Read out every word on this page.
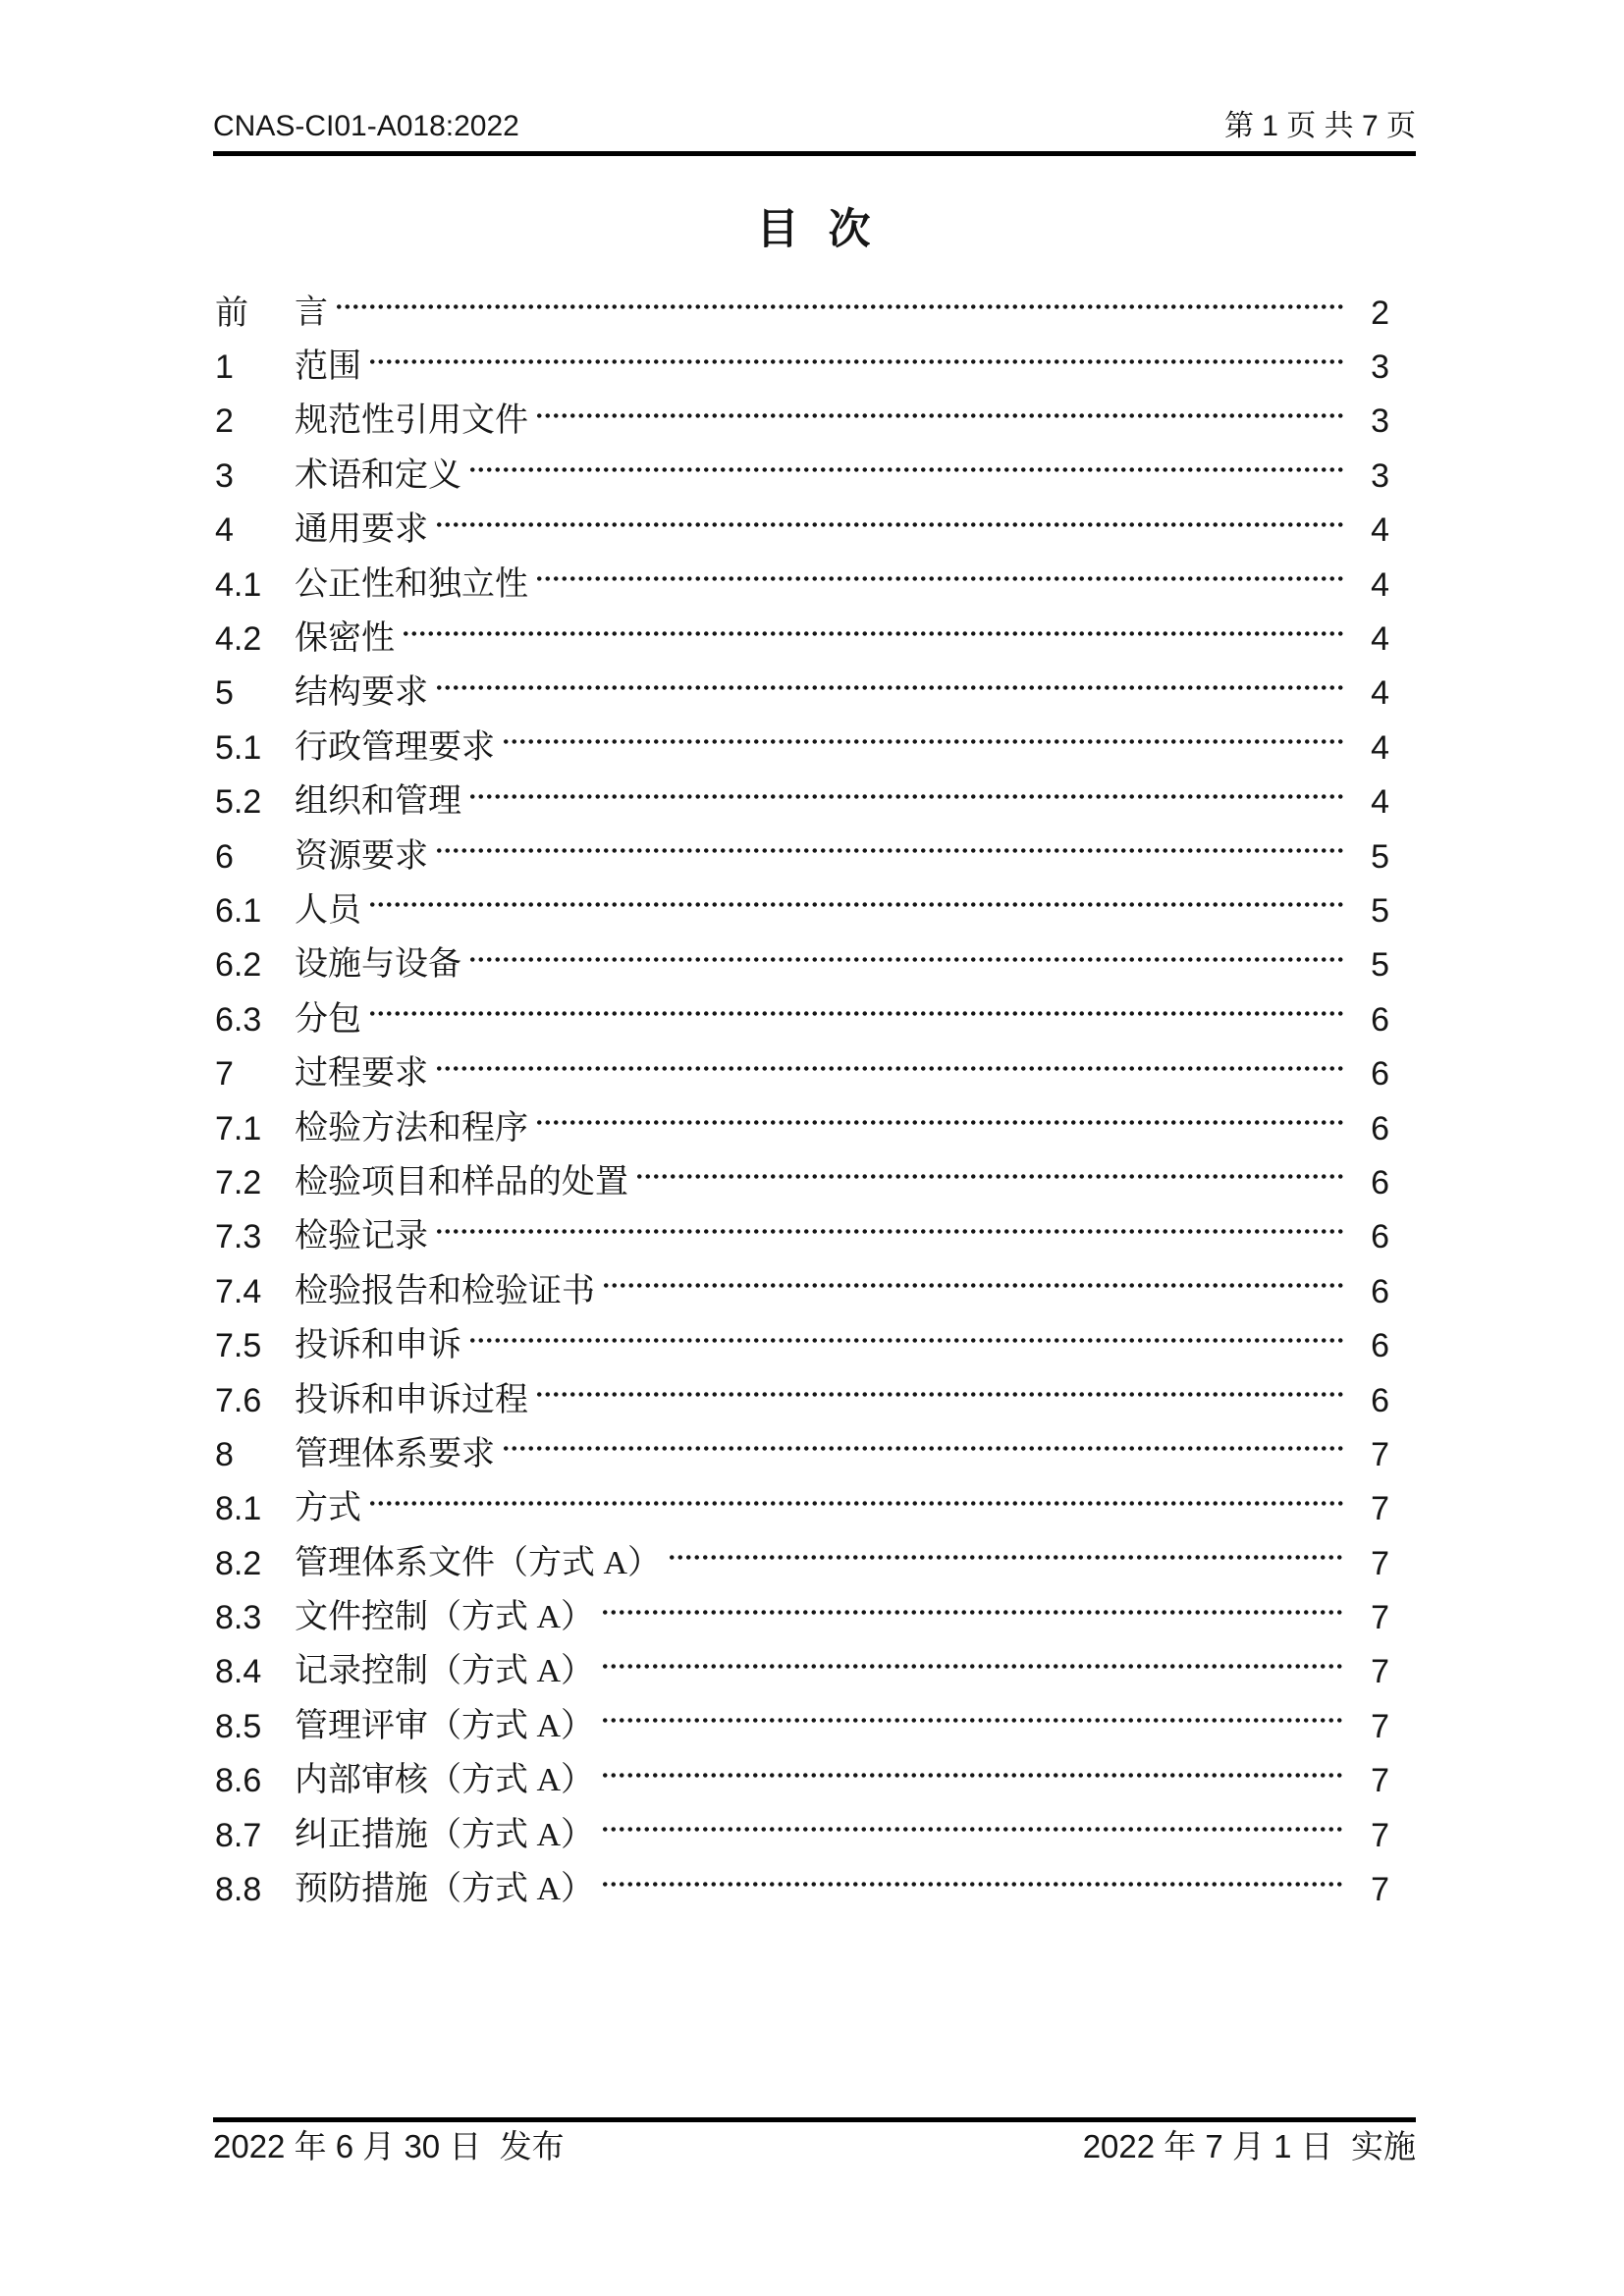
CNAS-CI01-A018:2022	第 1 页 共 7 页
目  次
前	言	2
1	范围	3
2	规范性引用文件	3
3	术语和定义	3
4	通用要求	4
4.1 公正性和独立性	4
4.2 保密性	4
5	结构要求	4
5.1 行政管理要求	4
5.2 组织和管理	4
6	资源要求	5
6.1 人员	5
6.2 设施与设备	5
6.3 分包	6
7	过程要求	6
7.1 检验方法和程序	6
7.2 检验项目和样品的处置	6
7.3 检验记录	6
7.4 检验报告和检验证书	6
7.5 投诉和申诉	6
7.6 投诉和申诉过程	6
8	管理体系要求	7
8.1 方式	7
8.2 管理体系文件（方式 A）	7
8.3 文件控制（方式 A）	7
8.4 记录控制（方式 A）	7
8.5 管理评审（方式 A）	7
8.6 内部审核（方式 A）	7
8.7 纠正措施（方式 A）	7
8.8 预防措施（方式 A）	7
2022 年 6 月 30 日  发布	2022 年 7 月 1 日  实施
